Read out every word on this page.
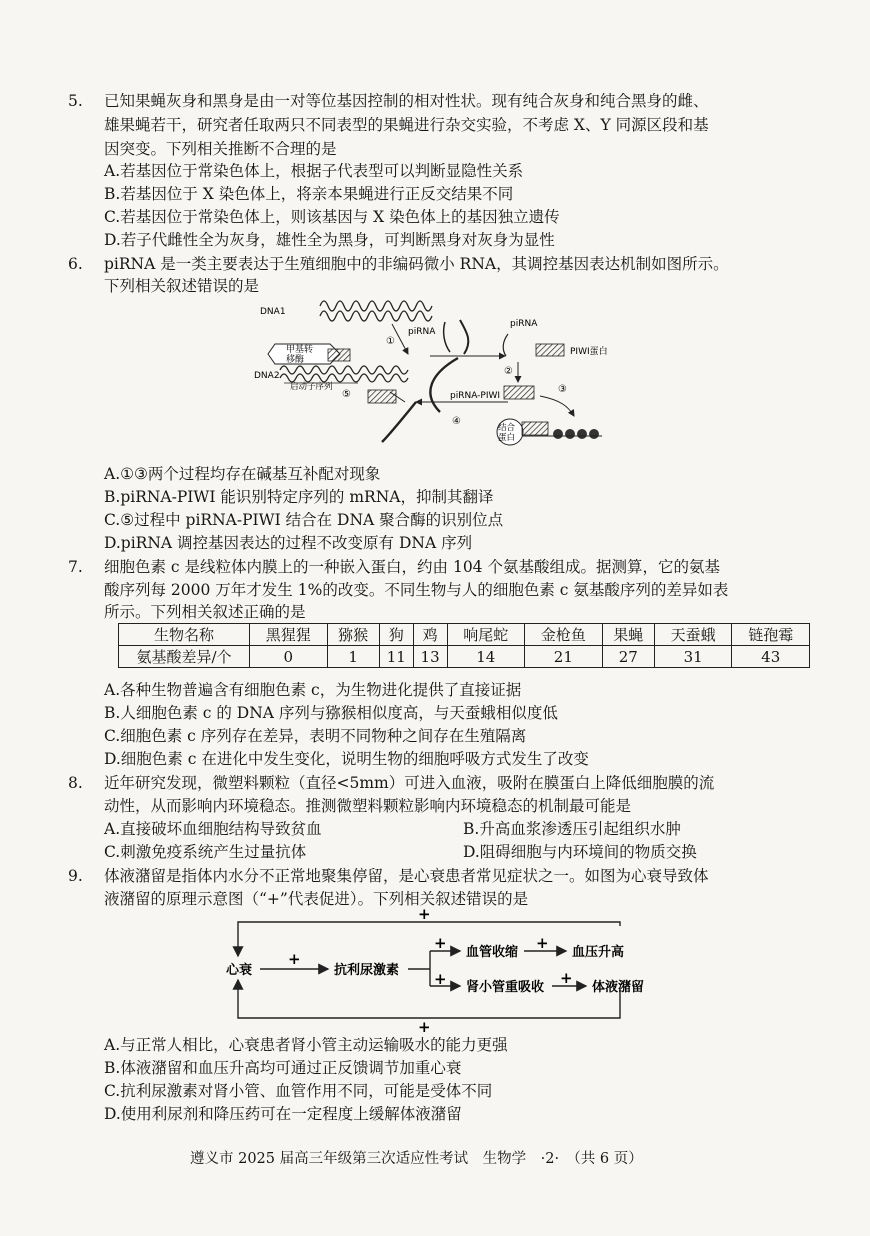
5. 已知果蝇灰身和黑身是由一对等位基因控制的相对性状。现有纯合灰身和纯合黑身的雌、
雄果蝇若干，研究者任取两只不同表型的果蝇进行杂交实验，不考虑 X、Y 同源区段和基
因突变。下列相关推断不合理的是
A.若基因位于常染色体上，根据子代表型可以判断显隐性关系
B.若基因位于 X 染色体上，将亲本果蝇进行正反交结果不同
C.若基因位于常染色体上，则该基因与 X 染色体上的基因独立遗传
D.若子代雌性全为灰身，雄性全为黑身，可判断黑身对灰身为显性
6. piRNA 是一类主要表达于生殖细胞中的非编码微小 RNA，其调控基因表达机制如图所示。
下列相关叙述错误的是
DNA1
甲基转
移酶
DNA2
启动子序列
⑤
①
piRNA
piRNA
PIWI蛋白
②
piRNA-PIWI
④
③
结合
蛋白
A.①③两个过程均存在碱基互补配对现象
B.piRNA-PIWI 能识别特定序列的 mRNA，抑制其翻译
C.⑤过程中 piRNA-PIWI 结合在 DNA 聚合酶的识别位点
D.piRNA 调控基因表达的过程不改变原有 DNA 序列
7. 细胞色素 c 是线粒体内膜上的一种嵌入蛋白，约由 104 个氨基酸组成。据测算，它的氨基
酸序列每 2000 万年才发生 1%的改变。不同生物与人的细胞色素 c 氨基酸序列的差异如表
所示。下列相关叙述正确的是
生物名称	黑猩猩	猕猴	狗	鸡	响尾蛇	金枪鱼	果蝇	天蚕蛾	链孢霉
氨基酸差异/个	0	1	11	13	14	21	27	31	43
A.各种生物普遍含有细胞色素 c，为生物进化提供了直接证据
B.人细胞色素 c 的 DNA 序列与猕猴相似度高，与天蚕蛾相似度低
C.细胞色素 c 序列存在差异，表明不同物种之间存在生殖隔离
D.细胞色素 c 在进化中发生变化，说明生物的细胞呼吸方式发生了改变
8. 近年研究发现，微塑料颗粒（直径<5mm）可进入血液，吸附在膜蛋白上降低细胞膜的流
动性，从而影响内环境稳态。推测微塑料颗粒影响内环境稳态的机制最可能是
A.直接破坏血细胞结构导致贫血	B.升高血浆渗透压引起组织水肿
C.刺激免疫系统产生过量抗体	D.阻碍细胞与内环境间的物质交换
9. 体液潴留是指体内水分不正常地聚集停留，是心衰患者常见症状之一。如图为心衰导致体
液潴留的原理示意图（“+”代表促进）。下列相关叙述错误的是
+
+
心衰
+
抗利尿激素
+
+
血管收缩
+
血压升高
肾小管重吸收
+
体液潴留
A.与正常人相比，心衰患者肾小管主动运输吸水的能力更强
B.体液潴留和血压升高均可通过正反馈调节加重心衰
C.抗利尿激素对肾小管、血管作用不同，可能是受体不同
D.使用利尿剂和降压药可在一定程度上缓解体液潴留
遵义市 2025 届高三年级第三次适应性考试　生物学　·2·　（共 6 页）
